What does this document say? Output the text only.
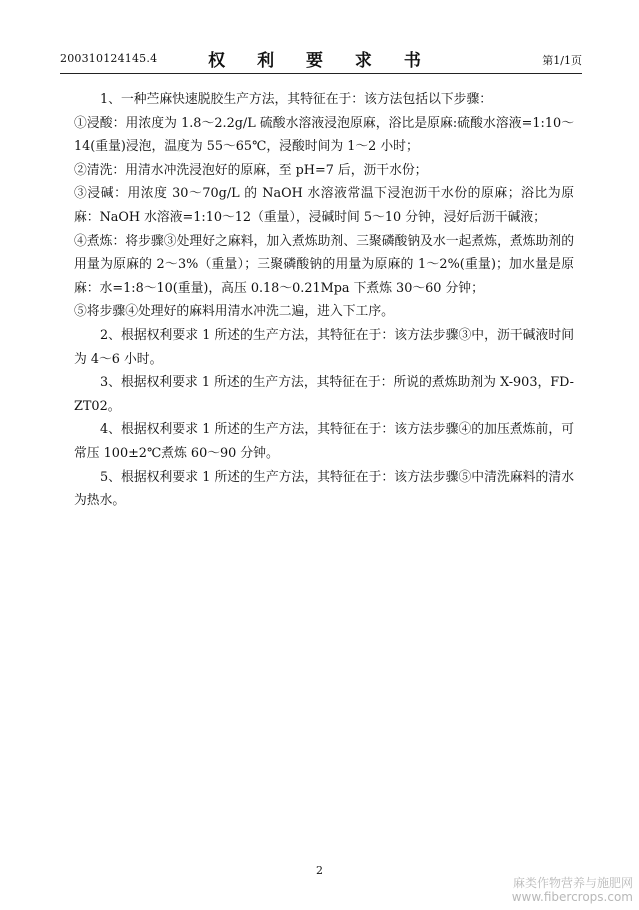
200310124145.4	权 利 要 求 书	第1/1页

1、一种苎麻快速脱胶生产方法，其特征在于：该方法包括以下步骤：

①浸酸：用浓度为 1.8～2.2g/L 硫酸水溶液浸泡原麻，浴比是原麻:硫酸水溶液=1:10～14(重量)浸泡，温度为 55～65℃，浸酸时间为 1～2 小时；

②清洗：用清水冲洗浸泡好的原麻，至 pH=7 后，沥干水份；

③浸碱：用浓度 30～70g/L 的 NaOH 水溶液常温下浸泡沥干水份的原麻；浴比为原麻：NaOH 水溶液=1:10～12（重量），浸碱时间 5～10 分钟，浸好后沥干碱液；

④煮炼：将步骤③处理好之麻料，加入煮炼助剂、三聚磷酸钠及水一起煮炼，煮炼助剂的用量为原麻的 2～3%（重量）；三聚磷酸钠的用量为原麻的 1～2%(重量)；加水量是原麻：水=1:8～10(重量)，高压 0.18～0.21Mpa 下煮炼 30～60 分钟；

⑤将步骤④处理好的麻料用清水冲洗二遍，进入下工序。

2、根据权利要求 1 所述的生产方法，其特征在于：该方法步骤③中，沥干碱液时间为 4～6 小时。

3、根据权利要求 1 所述的生产方法，其特征在于：所说的煮炼助剂为 X-903，FD-ZT02。

4、根据权利要求 1 所述的生产方法，其特征在于：该方法步骤④的加压煮炼前，可常压 100±2℃煮炼 60～90 分钟。

5、根据权利要求 1 所述的生产方法，其特征在于：该方法步骤⑤中清洗麻料的清水为热水。

2
麻类作物营养与施肥网
www.fibercrops.com
